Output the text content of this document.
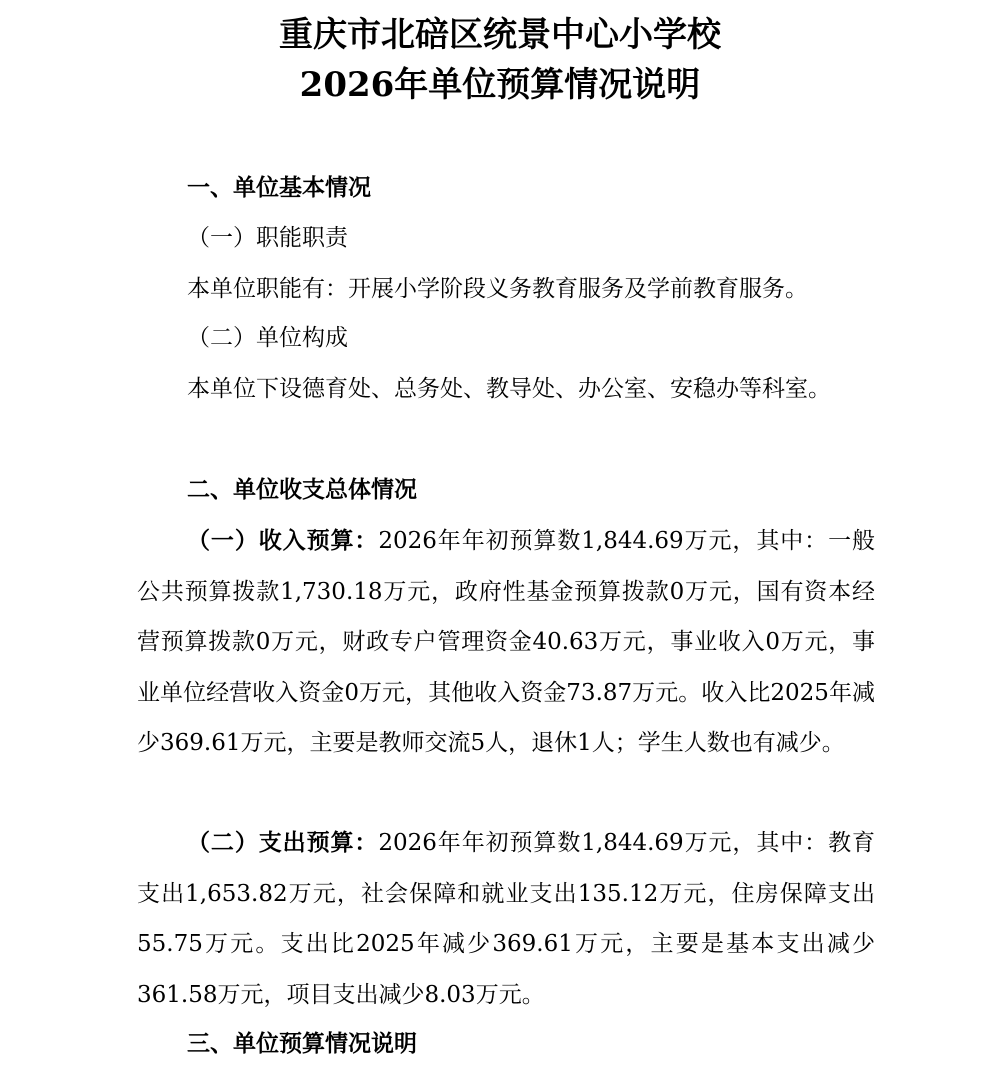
重庆市北碚区统景中心小学校
2026年单位预算情况说明
一、单位基本情况
（一）职能职责

本单位职能有：开展小学阶段义务教育服务及学前教育服务。

（二）单位构成

本单位下设德育处、总务处、教导处、办公室、安稳办等科室。

二、单位收支总体情况

（一）收入预算：2026年年初预算数1,844.69万元，其中：一般公共预算拨款1,730.18万元，政府性基金预算拨款0万元，国有资本经营预算拨款0万元，财政专户管理资金40.63万元，事业收入0万元，事业单位经营收入资金0万元，其他收入资金73.87万元。收入比2025年减少369.61万元，主要是教师交流5人，退休1人；学生人数也有减少。

（二）支出预算：2026年年初预算数1,844.69万元，其中：教育支出1,653.82万元，社会保障和就业支出135.12万元，住房保障支出55.75万元。支出比2025年减少369.61万元，主要是基本支出减少361.58万元，项目支出减少8.03万元。

三、单位预算情况说明
